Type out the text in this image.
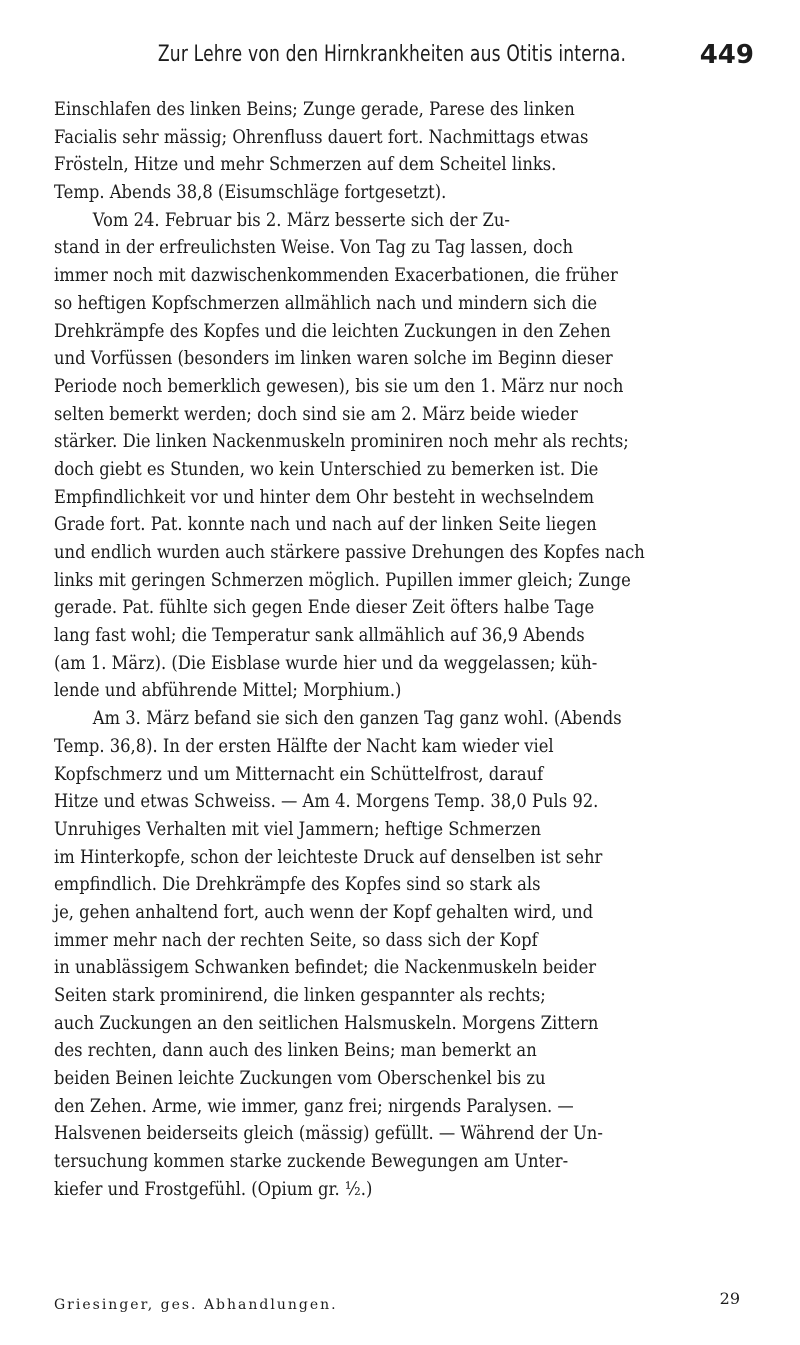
Zur Lehre von den Hirnkrankheiten aus Otitis interna.	449
Einschlafen des linken Beins; Zunge gerade, Parese des linken
Facialis sehr mässig; Ohrenfluss dauert fort. Nachmittags etwas
Frösteln, Hitze und mehr Schmerzen auf dem Scheitel links.
Temp. Abends 38,8 (Eisumschläge fortgesetzt).
Vom 24. Februar bis 2. März besserte sich der Zu-
stand in der erfreulichsten Weise. Von Tag zu Tag lassen, doch
immer noch mit dazwischenkommenden Exacerbationen, die früher
so heftigen Kopfschmerzen allmählich nach und mindern sich die
Drehkrämpfe des Kopfes und die leichten Zuckungen in den Zehen
und Vorfüssen (besonders im linken waren solche im Beginn dieser
Periode noch bemerklich gewesen), bis sie um den 1. März nur noch
selten bemerkt werden; doch sind sie am 2. März beide wieder
stärker. Die linken Nackenmuskeln prominiren noch mehr als rechts;
doch giebt es Stunden, wo kein Unterschied zu bemerken ist. Die
Empfindlichkeit vor und hinter dem Ohr besteht in wechselndem
Grade fort. Pat. konnte nach und nach auf der linken Seite liegen
und endlich wurden auch stärkere passive Drehungen des Kopfes nach
links mit geringen Schmerzen möglich. Pupillen immer gleich; Zunge
gerade. Pat. fühlte sich gegen Ende dieser Zeit öfters halbe Tage
lang fast wohl; die Temperatur sank allmählich auf 36,9 Abends
(am 1. März). (Die Eisblase wurde hier und da weggelassen; küh-
lende und abführende Mittel; Morphium.)
Am 3. März befand sie sich den ganzen Tag ganz wohl. (Abends
Temp. 36,8). In der ersten Hälfte der Nacht kam wieder viel
Kopfschmerz und um Mitternacht ein Schüttelfrost, darauf
Hitze und etwas Schweiss. — Am 4. Morgens Temp. 38,0 Puls 92.
Unruhiges Verhalten mit viel Jammern; heftige Schmerzen
im Hinterkopfe, schon der leichteste Druck auf denselben ist sehr
empfindlich. Die Drehkrämpfe des Kopfes sind so stark als
je, gehen anhaltend fort, auch wenn der Kopf gehalten wird, und
immer mehr nach der rechten Seite, so dass sich der Kopf
in unablässigem Schwanken befindet; die Nackenmuskeln beider
Seiten stark prominirend, die linken gespannter als rechts;
auch Zuckungen an den seitlichen Halsmuskeln. Morgens Zittern
des rechten, dann auch des linken Beins; man bemerkt an
beiden Beinen leichte Zuckungen vom Oberschenkel bis zu
den Zehen. Arme, wie immer, ganz frei; nirgends Paralysen. —
Halsvenen beiderseits gleich (mässig) gefüllt. — Während der Un-
tersuchung kommen starke zuckende Bewegungen am Unter-
kiefer und Frostgefühl. (Opium gr. ½.)
Griesinger, ges. Abhandlungen.	29
